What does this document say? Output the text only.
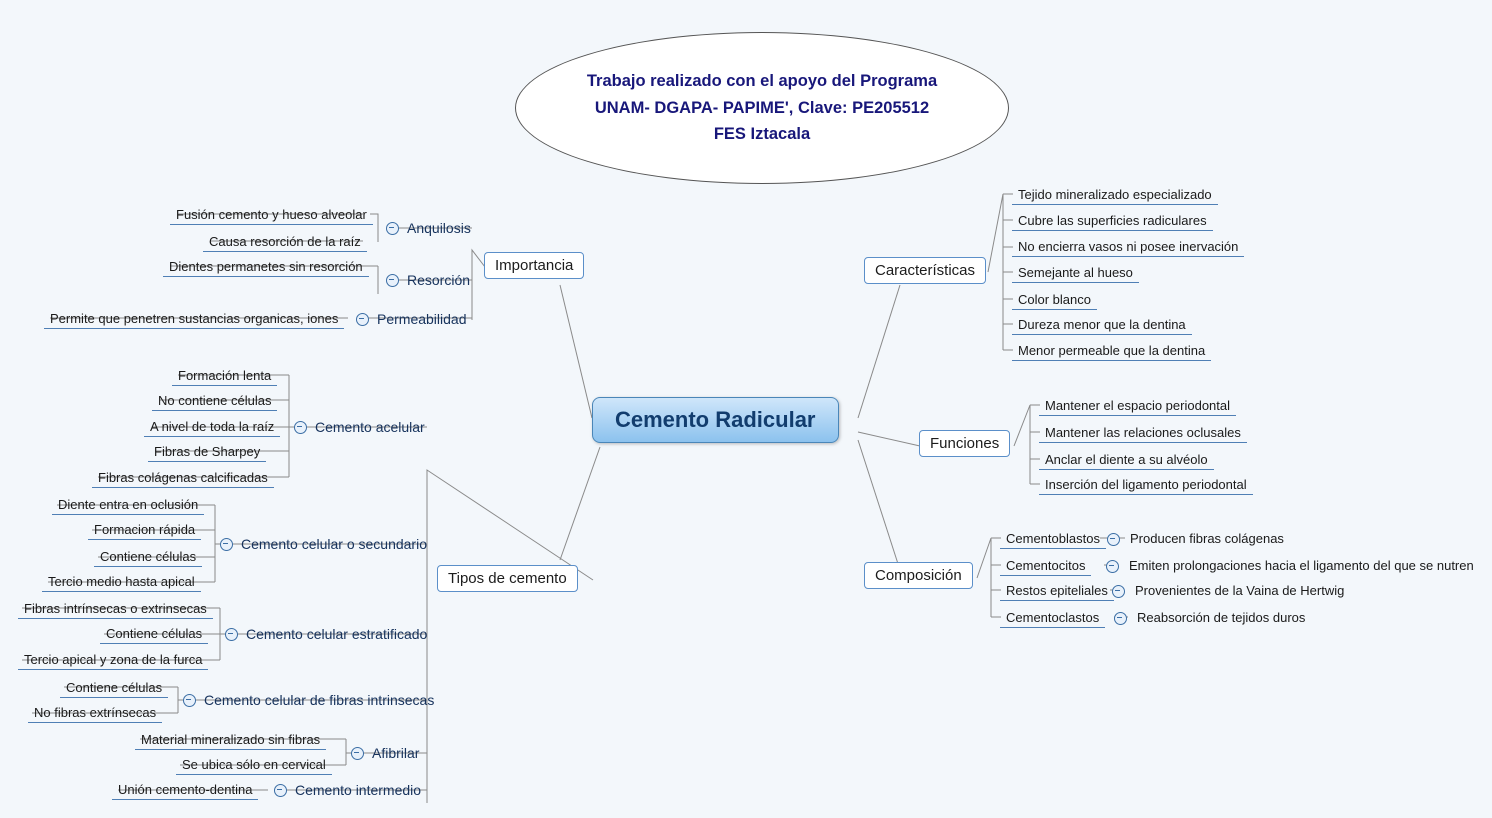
Trabajo realizado con el apoyo del Programa
UNAM- DGAPA- PAPIME', Clave: PE205512
FES Iztacala
Cemento Radicular
Importancia
Anquilosis
Fusión cemento y hueso alveolar
Causa resorción de la raíz
Resorción
Dientes permanetes sin resorción
Permeabilidad
Permite que penetren sustancias organicas, iones
Características
Tejido mineralizado especializado
Cubre las superficies radiculares
No encierra vasos ni posee inervación
Semejante al hueso
Color blanco
Dureza menor que la dentina
Menor permeable que la dentina
Funciones
Mantener el espacio periodontal
Mantener las relaciones oclusales
Anclar el diente a su alvéolo
Inserción del ligamento periodontal
Composición
Cementoblastos	Producen fibras colágenas
Cementocitos	Emiten prolongaciones hacia el ligamento del que se nutren
Restos epiteliales	Provenientes de la Vaina de Hertwig
Cementoclastos	Reabsorción de tejidos duros
Tipos de cemento
Cemento acelular
Formación lenta
No contiene células
A nivel de toda la raíz
Fibras de Sharpey
Fibras colágenas calcificadas
Cemento celular o secundario
Diente entra en oclusión
Formacion rápida
Contiene células
Tercio medio hasta apical
Cemento celular estratificado
Fibras intrínsecas o extrinsecas
Contiene células
Tercio apical y zona de la furca
Cemento celular de fibras intrinsecas
Contiene células
No fibras extrínsecas
Afibrilar
Material mineralizado sin fibras
Se ubica sólo en cervical
Cemento intermedio
Unión cemento-dentina
